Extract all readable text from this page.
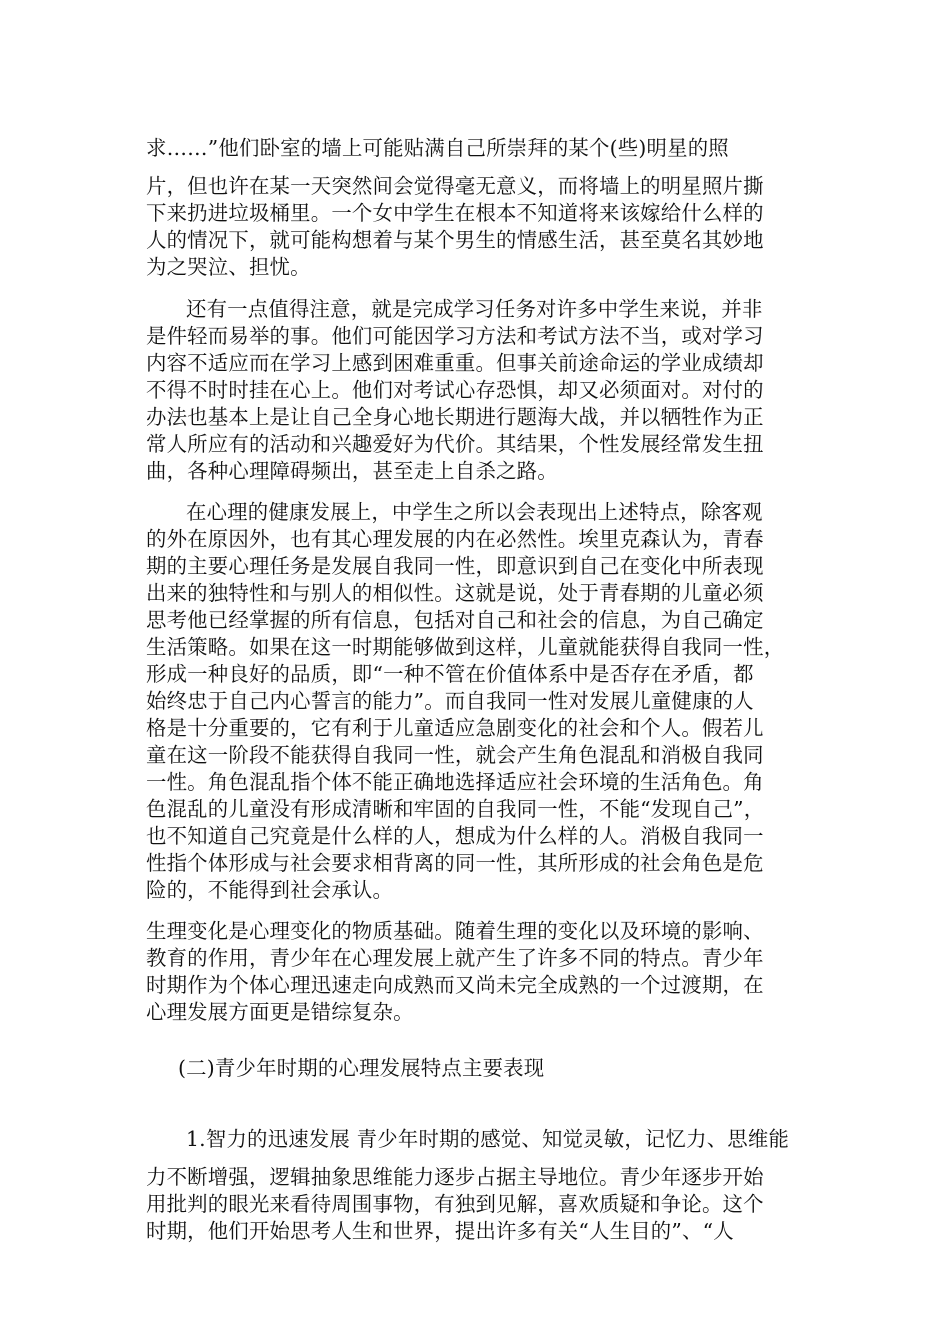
求……”他们卧室的墙上可能贴满自己所崇拜的某个(些)明星的照
片，但也许在某一天突然间会觉得毫无意义，而将墙上的明星照片撕
下来扔进垃圾桶里。一个女中学生在根本不知道将来该嫁给什么样的
人的情况下，就可能构想着与某个男生的情感生活，甚至莫名其妙地
为之哭泣、担忧。
还有一点值得注意，就是完成学习任务对许多中学生来说，并非
是件轻而易举的事。他们可能因学习方法和考试方法不当，或对学习
内容不适应而在学习上感到困难重重。但事关前途命运的学业成绩却
不得不时时挂在心上。他们对考试心存恐惧，却又必须面对。对付的
办法也基本上是让自己全身心地长期进行题海大战，并以牺牲作为正
常人所应有的活动和兴趣爱好为代价。其结果，个性发展经常发生扭
曲，各种心理障碍频出，甚至走上自杀之路。
在心理的健康发展上，中学生之所以会表现出上述特点，除客观
的外在原因外，也有其心理发展的内在必然性。埃里克森认为，青春
期的主要心理任务是发展自我同一性，即意识到自己在变化中所表现
出来的独特性和与别人的相似性。这就是说，处于青春期的儿童必须
思考他已经掌握的所有信息，包括对自己和社会的信息，为自己确定
生活策略。如果在这一时期能够做到这样，儿童就能获得自我同一性，
形成一种良好的品质，即“一种不管在价值体系中是否存在矛盾，都
始终忠于自己内心誓言的能力”。而自我同一性对发展儿童健康的人
格是十分重要的，它有利于儿童适应急剧变化的社会和个人。假若儿
童在这一阶段不能获得自我同一性，就会产生角色混乱和消极自我同
一性。角色混乱指个体不能正确地选择适应社会环境的生活角色。角
色混乱的儿童没有形成清晰和牢固的自我同一性，不能“发现自己”，
也不知道自己究竟是什么样的人，想成为什么样的人。消极自我同一
性指个体形成与社会要求相背离的同一性，其所形成的社会角色是危
险的，不能得到社会承认。
生理变化是心理变化的物质基础。随着生理的变化以及环境的影响、
教育的作用，青少年在心理发展上就产生了许多不同的特点。青少年
时期作为个体心理迅速走向成熟而又尚未完全成熟的一个过渡期，在
心理发展方面更是错综复杂。
(二)青少年时期的心理发展特点主要表现
1.智力的迅速发展 青少年时期的感觉、知觉灵敏，记忆力、思维能
力不断增强，逻辑抽象思维能力逐步占据主导地位。青少年逐步开始
用批判的眼光来看待周围事物，有独到见解，喜欢质疑和争论。这个
时期，他们开始思考人生和世界，提出许多有关“人生目的”、“人
